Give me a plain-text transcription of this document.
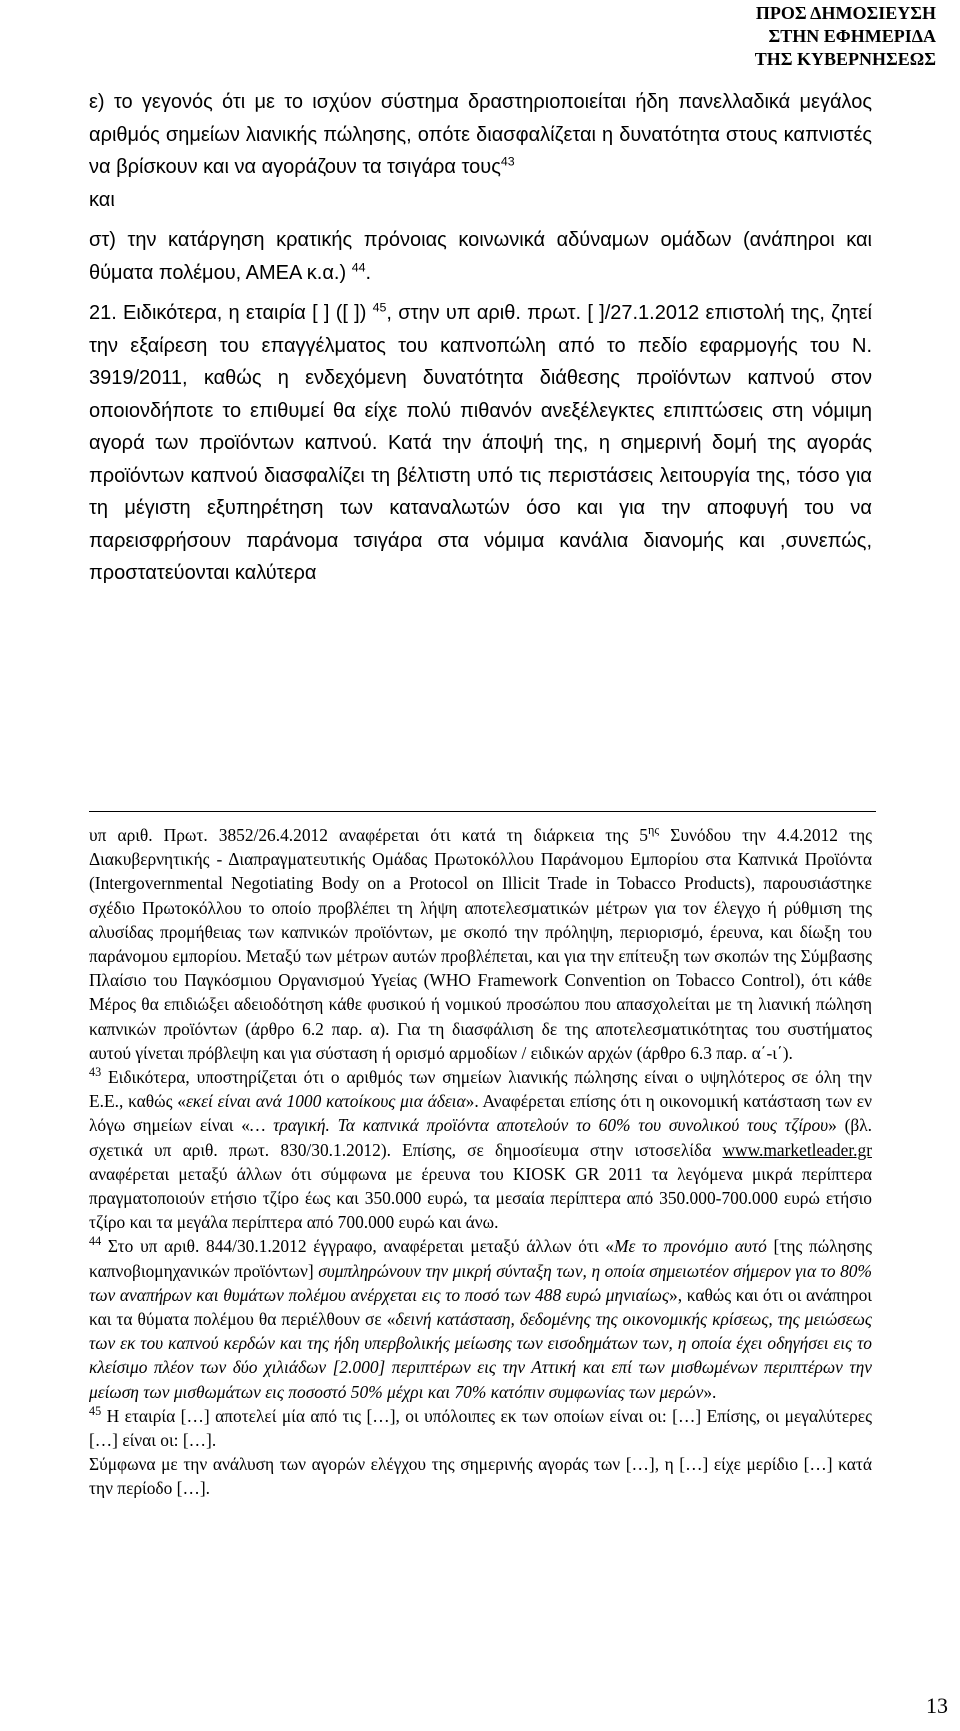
ΠΡΟΣ ΔΗΜΟΣΙΕΥΣΗ
ΣΤΗΝ ΕΦΗΜΕΡΙΔΑ
ΤΗΣ ΚΥΒΕΡΝΗΣΕΩΣ

ε) το γεγονός ότι με το ισχύον σύστημα δραστηριοποιείται ήδη πανελλαδικά μεγάλος αριθμός σημείων λιανικής πώλησης, οπότε διασφαλίζεται η δυνατότητα στους καπνιστές να βρίσκουν και να αγοράζουν τα τσιγάρα τους$^{43}$
και

στ) την κατάργηση κρατικής πρόνοιας κοινωνικά αδύναμων ομάδων (ανάπηροι και θύματα πολέμου, ΑΜΕΑ κ.α.) $^{44}$.

21. Ειδικότερα, η εταιρία [ ] ([ ]) $^{45}$, στην υπ αριθ. πρωτ. [ ]/27.1.2012 επιστολή της, ζητεί την εξαίρεση του επαγγέλματος του καπνοπώλη από το πεδίο εφαρμογής του Ν. 3919/2011, καθώς η ενδεχόμενη δυνατότητα διάθεσης προϊόντων καπνού στον οποιονδήποτε το επιθυμεί θα είχε πολύ πιθανόν ανεξέλεγκτες επιπτώσεις στη νόμιμη αγορά των προϊόντων καπνού. Κατά την άποψή της, η σημερινή δομή της αγοράς προϊόντων καπνού διασφαλίζει τη βέλτιστη υπό τις περιστάσεις λειτουργία της, τόσο για τη μέγιστη εξυπηρέτηση των καταναλωτών όσο και για την αποφυγή του να παρεισφρήσουν παράνομα τσιγάρα στα νόμιμα κανάλια διανομής και ,συνεπώς, προστατεύονται καλύτερα

υπ αριθ. Πρωτ. 3852/26.4.2012 αναφέρεται ότι κατά τη διάρκεια της $5^{\eta\varsigma}$ Συνόδου την 4.4.2012 της Διακυβερνητικής - Διαπραγματευτικής Ομάδας Πρωτοκόλλου Παράνομου Εμπορίου στα Καπνικά Προϊόντα (Intergovernmental Negotiating Body on a Protocol on Illicit Trade in Tobacco Products), παρουσιάστηκε σχέδιο Πρωτοκόλλου το οποίο προβλέπει τη λήψη αποτελεσματικών μέτρων για τον έλεγχο ή ρύθμιση της αλυσίδας προμήθειας των καπνικών προϊόντων, με σκοπό την πρόληψη, περιορισμό, έρευνα, και δίωξη του παράνομου εμπορίου. Μεταξύ των μέτρων αυτών προβλέπεται, και για την επίτευξη των σκοπών της Σύμβασης Πλαίσιο του Παγκόσμιου Οργανισμού Υγείας (WHO Framework Convention on Tobacco Control), ότι κάθε Μέρος θα επιδιώξει αδειοδότηση κάθε φυσικού ή νομικού προσώπου που απασχολείται με τη λιανική πώληση καπνικών προϊόντων (άρθρο 6.2 παρ. α). Για τη διασφάλιση δε της αποτελεσματικότητας του συστήματος αυτού γίνεται πρόβλεψη και για σύσταση ή ορισμό αρμοδίων / ειδικών αρχών (άρθρο 6.3 παρ. α΄-ι΄).

$^{43}$ Ειδικότερα, υποστηρίζεται ότι ο αριθμός των σημείων λιανικής πώλησης είναι ο υψηλότερος σε όλη την Ε.Ε., καθώς «εκεί είναι ανά 1000 κατοίκους μια άδεια». Αναφέρεται επίσης ότι η οικονομική κατάσταση των εν λόγω σημείων είναι «… τραγική. Τα καπνικά προϊόντα αποτελούν το 60% του συνολικού τους τζίρου» (βλ. σχετικά υπ αριθ. πρωτ. 830/30.1.2012). Επίσης, σε δημοσίευμα στην ιστοσελίδα www.marketleader.gr αναφέρεται μεταξύ άλλων ότι σύμφωνα με έρευνα του KIOSK GR 2011 τα λεγόμενα μικρά περίπτερα πραγματοποιούν ετήσιο τζίρο έως και 350.000 ευρώ, τα μεσαία περίπτερα από 350.000-700.000 ευρώ ετήσιο τζίρο και τα μεγάλα περίπτερα από 700.000 ευρώ και άνω.

$^{44}$ Στο υπ αριθ. 844/30.1.2012 έγγραφο, αναφέρεται μεταξύ άλλων ότι «Με το προνόμιο αυτό [της πώλησης καπνοβιομηχανικών προϊόντων] συμπληρώνουν την μικρή σύνταξη των, η οποία σημειωτέον σήμερον για το 80% των αναπήρων και θυμάτων πολέμου ανέρχεται εις το ποσό των 488 ευρώ μηνιαίως», καθώς και ότι οι ανάπηροι και τα θύματα πολέμου θα περιέλθουν σε «δεινή κατάσταση, δεδομένης της οικονομικής κρίσεως, της μειώσεως των εκ του καπνού κερδών και της ήδη υπερβολικής μείωσης των εισοδημάτων των, η οποία έχει οδηγήσει εις το κλείσιμο πλέον των δύο χιλιάδων [2.000] περιπτέρων εις την Αττική και επί των μισθωμένων περιπτέρων την μείωση των μισθωμάτων εις ποσοστό 50% μέχρι και 70% κατόπιν συμφωνίας των μερών».

$^{45}$ Η εταιρία […] αποτελεί μία από τις […], οι υπόλοιπες εκ των οποίων είναι οι: […] Επίσης, οι μεγαλύτερες […] είναι οι: […].

Σύμφωνα με την ανάλυση των αγορών ελέγχου της σημερινής αγοράς των […], η […] είχε μερίδιο […] κατά την περίοδο […].

13
